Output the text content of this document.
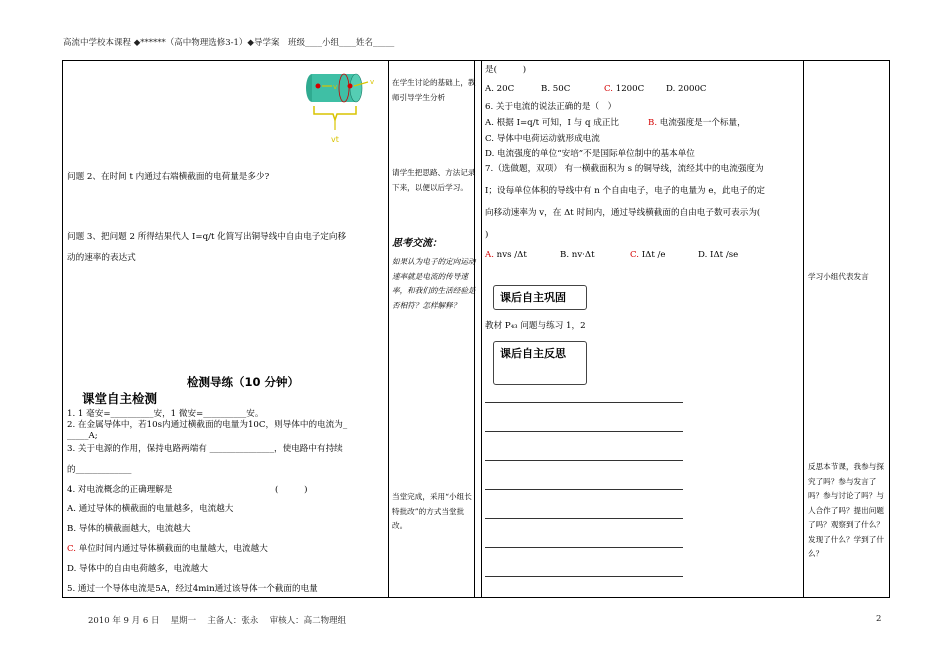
高流中学校本课程 ◆******（高中物理选修3-1）◆导学案　班级____小组____姓名_____
vt
v
v
问题 2、在时间 t 内通过右端横截面的电荷量是多少?
问题 3、把问题 2 所得结果代人 I=q/t 化简写出铜导线中自由电子定向移
动的速率的表达式
检测导练（10 分钟）
课堂自主检测
1. 1 毫安=__________安，1 微安=__________安。
2. 在金属导体中，若10s内通过横截面的电量为10C，则导体中的电流为_
_____A;
3. 关于电源的作用，保持电路两端有 _______________，使电路中有持续
的_____________
4. 对电流概念的正确理解是	(　　　)
A. 通过导体的横截面的电量越多，电流越大
B. 导体的横截面越大，电流越大
C. 单位时间内通过导体横截面的电量越大，电流越大
D. 导体中的自由电荷越多，电流越大
5. 通过一个导体电流是5A，经过4min通过该导体一个截面的电量
在学生讨论的基础上，教师引导学生分析
请学生把思路、方法记录下来，以便以后学习。
思考交流：
如果认为电子的定向运动速率就是电流的传导速率，和我们的生活经验是否相符？怎样解释？
当堂完成，采用“小组长特批改”的方式当堂批改。
是(　　　)
A. 20C	B. 50C	C. 1200C	D. 2000C
6. 关于电流的说法正确的是（　）
A. 根据 I=q/t 可知，I 与 q 成正比	B. 电流强度是一个标量，
C. 导体中电荷运动就形成电流
D. 电流强度的单位“安培”不是国际单位制中的基本单位
7.（选做题，双项） 有一横截面积为 s 的铜导线，流经其中的电流强度为
I；设每单位体积的导线中有 n 个自由电子，电子的电量为 e，此电子的定
向移动速率为 v，在 Δt 时间内，通过导线横截面的自由电子数可表示为(
)
A. nvs /Δt	B. nv·Δt	C. IΔt /e	D. IΔt /se
课后自主巩固
教材 P₄₃ 问题与练习 1，2
课后自主反思
学习小组代表发言
反思本节课，我参与探究了吗？参与发言了吗？参与讨论了吗？与人合作了吗？提出问题了吗？观察到了什么？发现了什么？学到了什么？
2010 年 9 月 6 日　 星期一　 主备人：张永　 审核人：高二物理组	2
